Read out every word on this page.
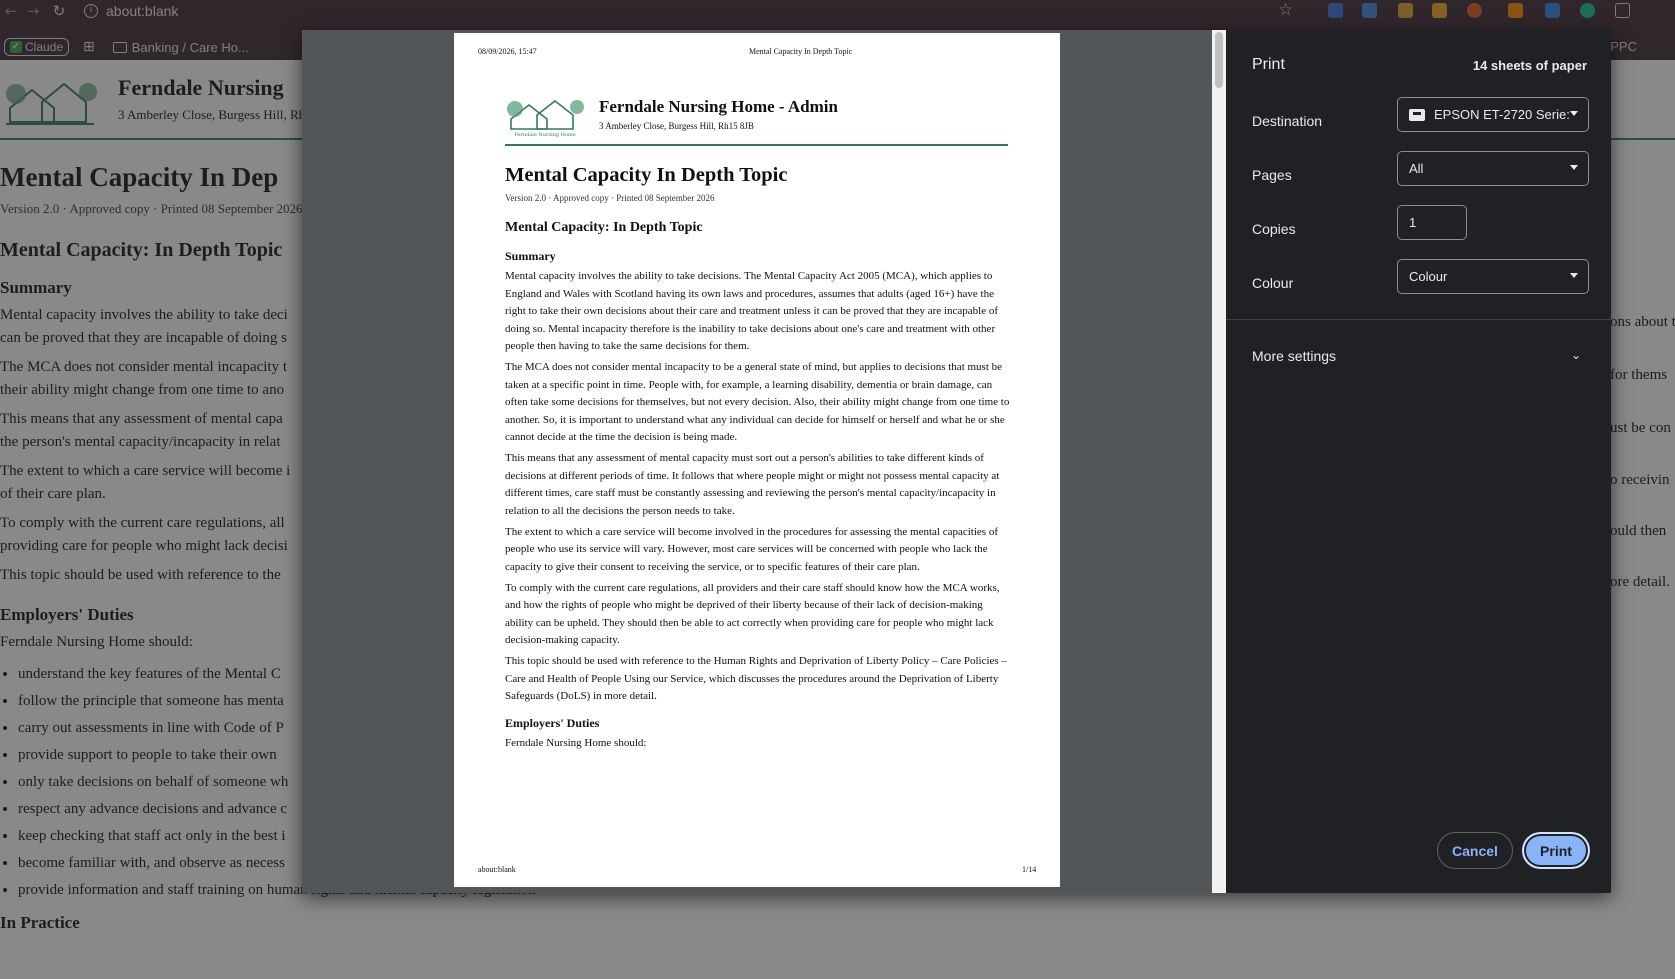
•
•
•
•
•
•
•
•
•
08/09/2026, 15:47	Mental Capacity In Depth Topic
Ferndale Nursing Home
Ferndale Nursing Home - Admin
3 Amberley Close, Burgess Hill, Rh15 8JB
Mental Capacity In Depth Topic
Version 2.0 · Approved copy · Printed 08 September 2026
Mental Capacity: In Depth Topic
Summary

Mental capacity involves the ability to take decisions. The Mental Capacity Act 2005 (MCA), which applies to England and Wales with Scotland having its own laws and procedures, assumes that adults (aged 16+) have the right to take their own decisions about their care and treatment unless it can be proved that they are incapable of doing so. Mental incapacity therefore is the inability to take decisions about one's care and treatment with other people then having to take the same decisions for them.

The MCA does not consider mental incapacity to be a general state of mind, but applies to decisions that must be taken at a specific point in time. People with, for example, a learning disability, dementia or brain damage, can often take some decisions for themselves, but not every decision. Also, their ability might change from one time to another. So, it is important to understand what any individual can decide for himself or herself and what he or she cannot decide at the time the decision is being made.

This means that any assessment of mental capacity must sort out a person's abilities to take different kinds of decisions at different periods of time. It follows that where people might or might not possess mental capacity at different times, care staff must be constantly assessing and reviewing the person's mental capacity/incapacity in relation to all the decisions the person needs to take.

The extent to which a care service will become involved in the procedures for assessing the mental capacities of people who use its service will vary. However, most care services will be concerned with people who lack the capacity to give their consent to receiving the service, or to specific features of their care plan.

To comply with the current care regulations, all providers and their care staff should know how the MCA works, and how the rights of people who might be deprived of their liberty because of their lack of decision-making ability can be upheld. They should then be able to act correctly when providing care for people who might lack decision-making capacity.

This topic should be used with reference to the Human Rights and Deprivation of Liberty Policy – Care Policies – Care and Health of People Using our Service, which discusses the procedures around the Deprivation of Liberty Safeguards (DoLS) in more detail.

Employers' Duties

Ferndale Nursing Home should:

about:blank	1/14
Print	14 sheets of paper
Destination	EPSON ET-2720 Serie:
Pages	All
Copies	1
Colour	Colour
More settings	⌄
Cancel	Print
